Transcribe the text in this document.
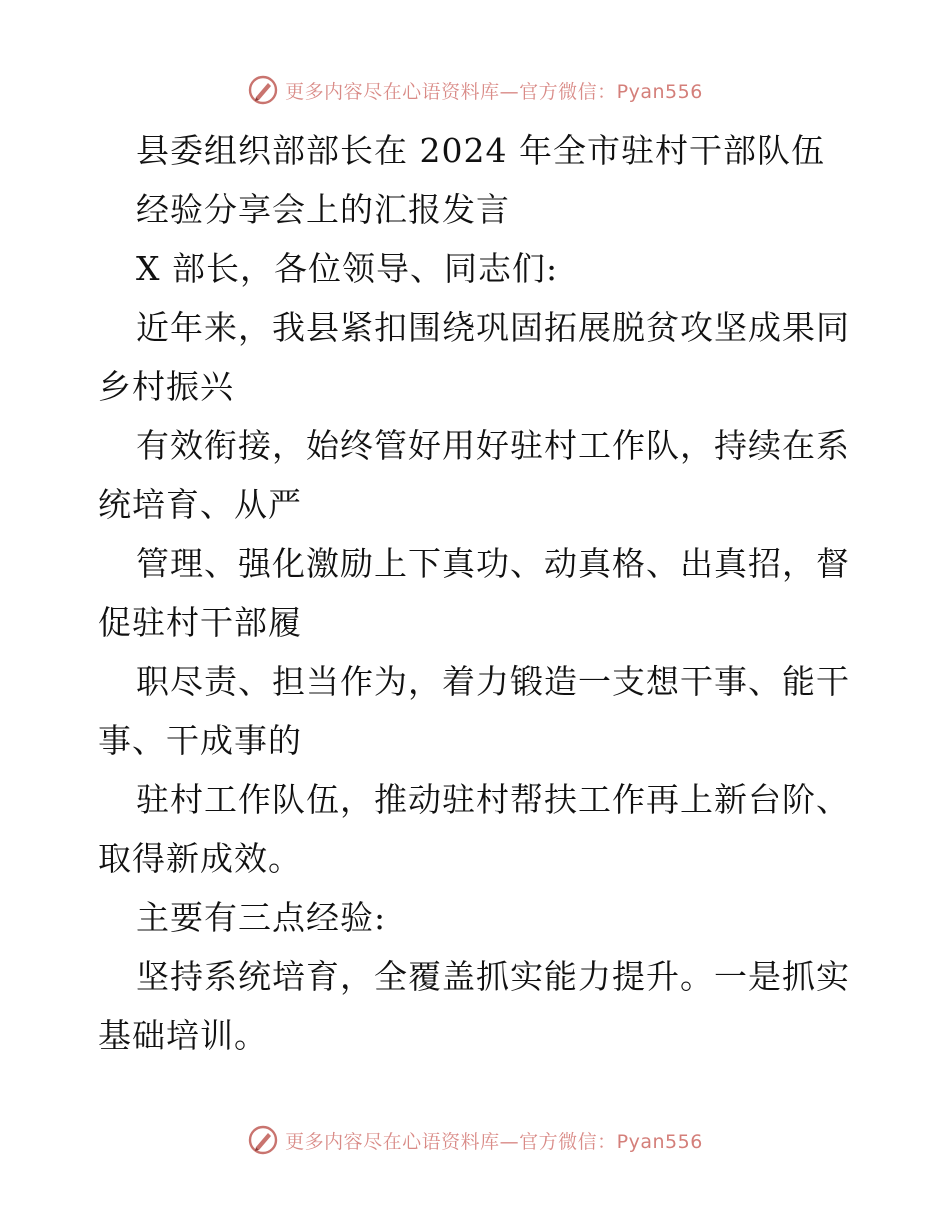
更多内容尽在心语资料库—官方微信：Pyan556
县委组织部部长在 2024 年全市驻村干部队伍
经验分享会上的汇报发言
X 部长，各位领导、同志们:
近年来，我县紧扣围绕巩固拓展脱贫攻坚成果同
乡村振兴
有效衔接，始终管好用好驻村工作队，持续在系
统培育、从严
管理、强化激励上下真功、动真格、出真招，督
促驻村干部履
职尽责、担当作为，着力锻造一支想干事、能干
事、干成事的
驻村工作队伍，推动驻村帮扶工作再上新台阶、
取得新成效。
主要有三点经验:
坚持系统培育，全覆盖抓实能力提升。一是抓实
基础培训。
更多内容尽在心语资料库—官方微信：Pyan556
